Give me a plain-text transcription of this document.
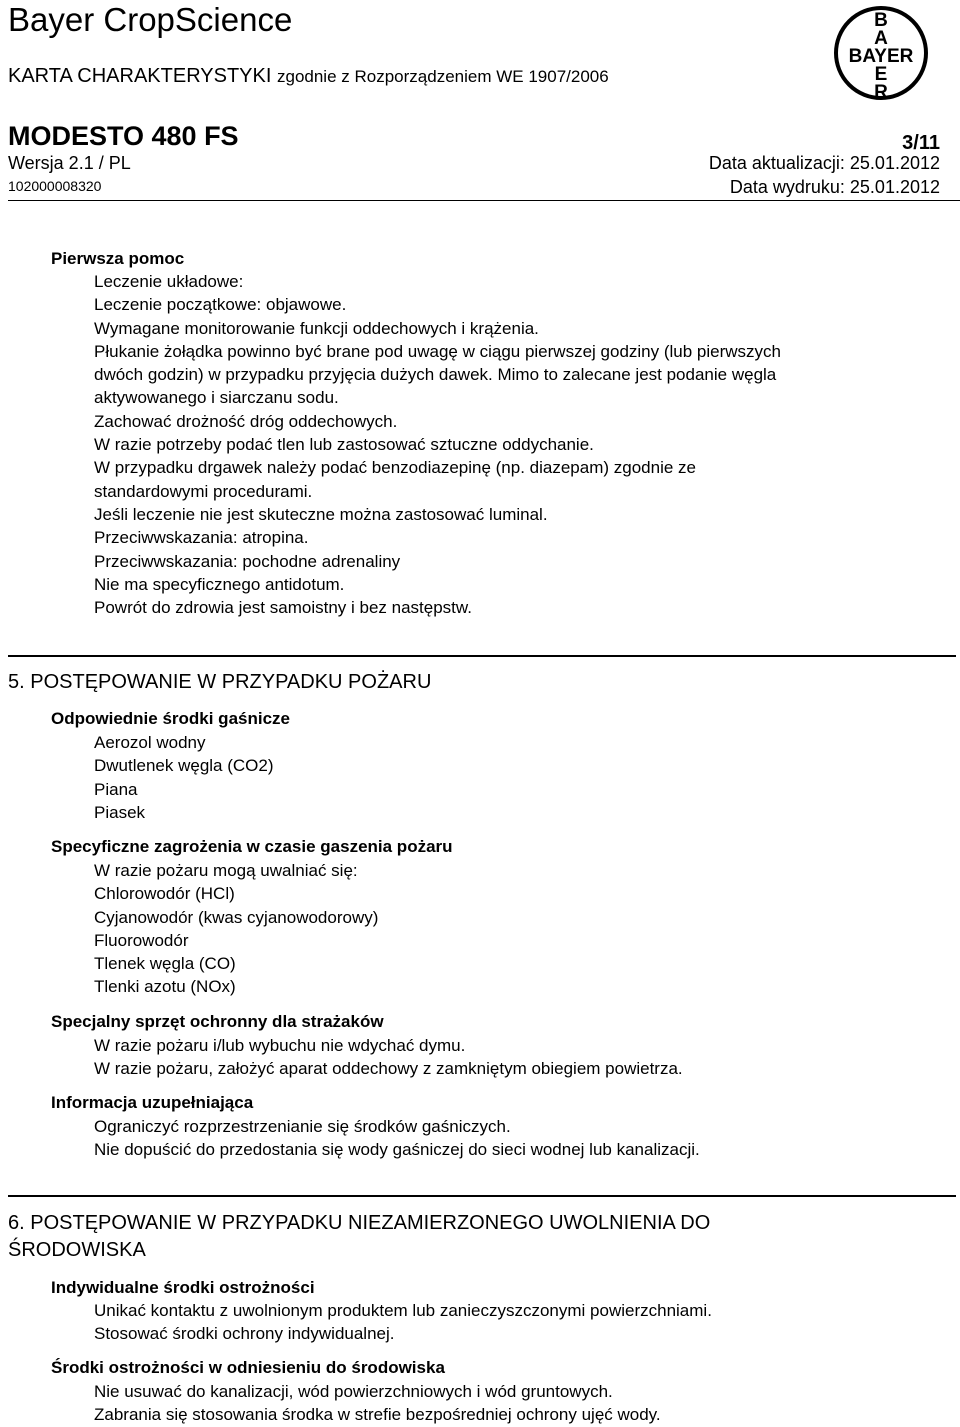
Bayer CropScience
KARTA CHARAKTERYSTYKI zgodnie z Rozporządzeniem WE 1907/2006
MODESTO 480 FS
Wersja 2.1 / PL
102000008320
3/11
Data aktualizacji: 25.01.2012
Data wydruku: 25.01.2012
B
A
BAYER
E
R
Pierwsza pomoc
Leczenie układowe:
Leczenie początkowe: objawowe.
Wymagane monitorowanie funkcji oddechowych i krążenia.
Płukanie żołądka powinno być brane pod uwagę w ciągu pierwszej godziny (lub pierwszych
dwóch godzin) w przypadku przyjęcia dużych dawek. Mimo to zalecane jest podanie węgla
aktywowanego i siarczanu sodu.
Zachować drożność dróg oddechowych.
W razie potrzeby podać tlen lub zastosować sztuczne oddychanie.
W przypadku drgawek należy podać benzodiazepinę (np. diazepam) zgodnie ze
standardowymi procedurami.
Jeśli leczenie nie jest skuteczne można zastosować luminal.
Przeciwwskazania: atropina.
Przeciwwskazania: pochodne adrenaliny
Nie ma specyficznego antidotum.
Powrót do zdrowia jest samoistny i bez następstw.
5. POSTĘPOWANIE W PRZYPADKU POŻARU
Odpowiednie środki gaśnicze
Aerozol wodny
Dwutlenek węgla (CO2)
Piana
Piasek
Specyficzne zagrożenia w czasie gaszenia pożaru
W razie pożaru mogą uwalniać się:
Chlorowodór (HCl)
Cyjanowodór (kwas cyjanowodorowy)
Fluorowodór
Tlenek węgla (CO)
Tlenki azotu (NOx)
Specjalny sprzęt ochronny dla strażaków
W razie pożaru i/lub wybuchu nie wdychać dymu.
W razie pożaru, założyć aparat oddechowy z zamkniętym obiegiem powietrza.
Informacja uzupełniająca
Ograniczyć rozprzestrzenianie się środków gaśniczych.
Nie dopuścić do przedostania się wody gaśniczej do sieci wodnej lub kanalizacji.
6. POSTĘPOWANIE W PRZYPADKU NIEZAMIERZONEGO UWOLNIENIA DO
ŚRODOWISKA
Indywidualne środki ostrożności
Unikać kontaktu z uwolnionym produktem lub zanieczyszczonymi powierzchniami.
Stosować środki ochrony indywidualnej.
Środki ostrożności w odniesieniu do środowiska
Nie usuwać do kanalizacji, wód powierzchniowych i wód gruntowych.
Zabrania się stosowania środka w strefie bezpośredniej ochrony ujęć wody.
